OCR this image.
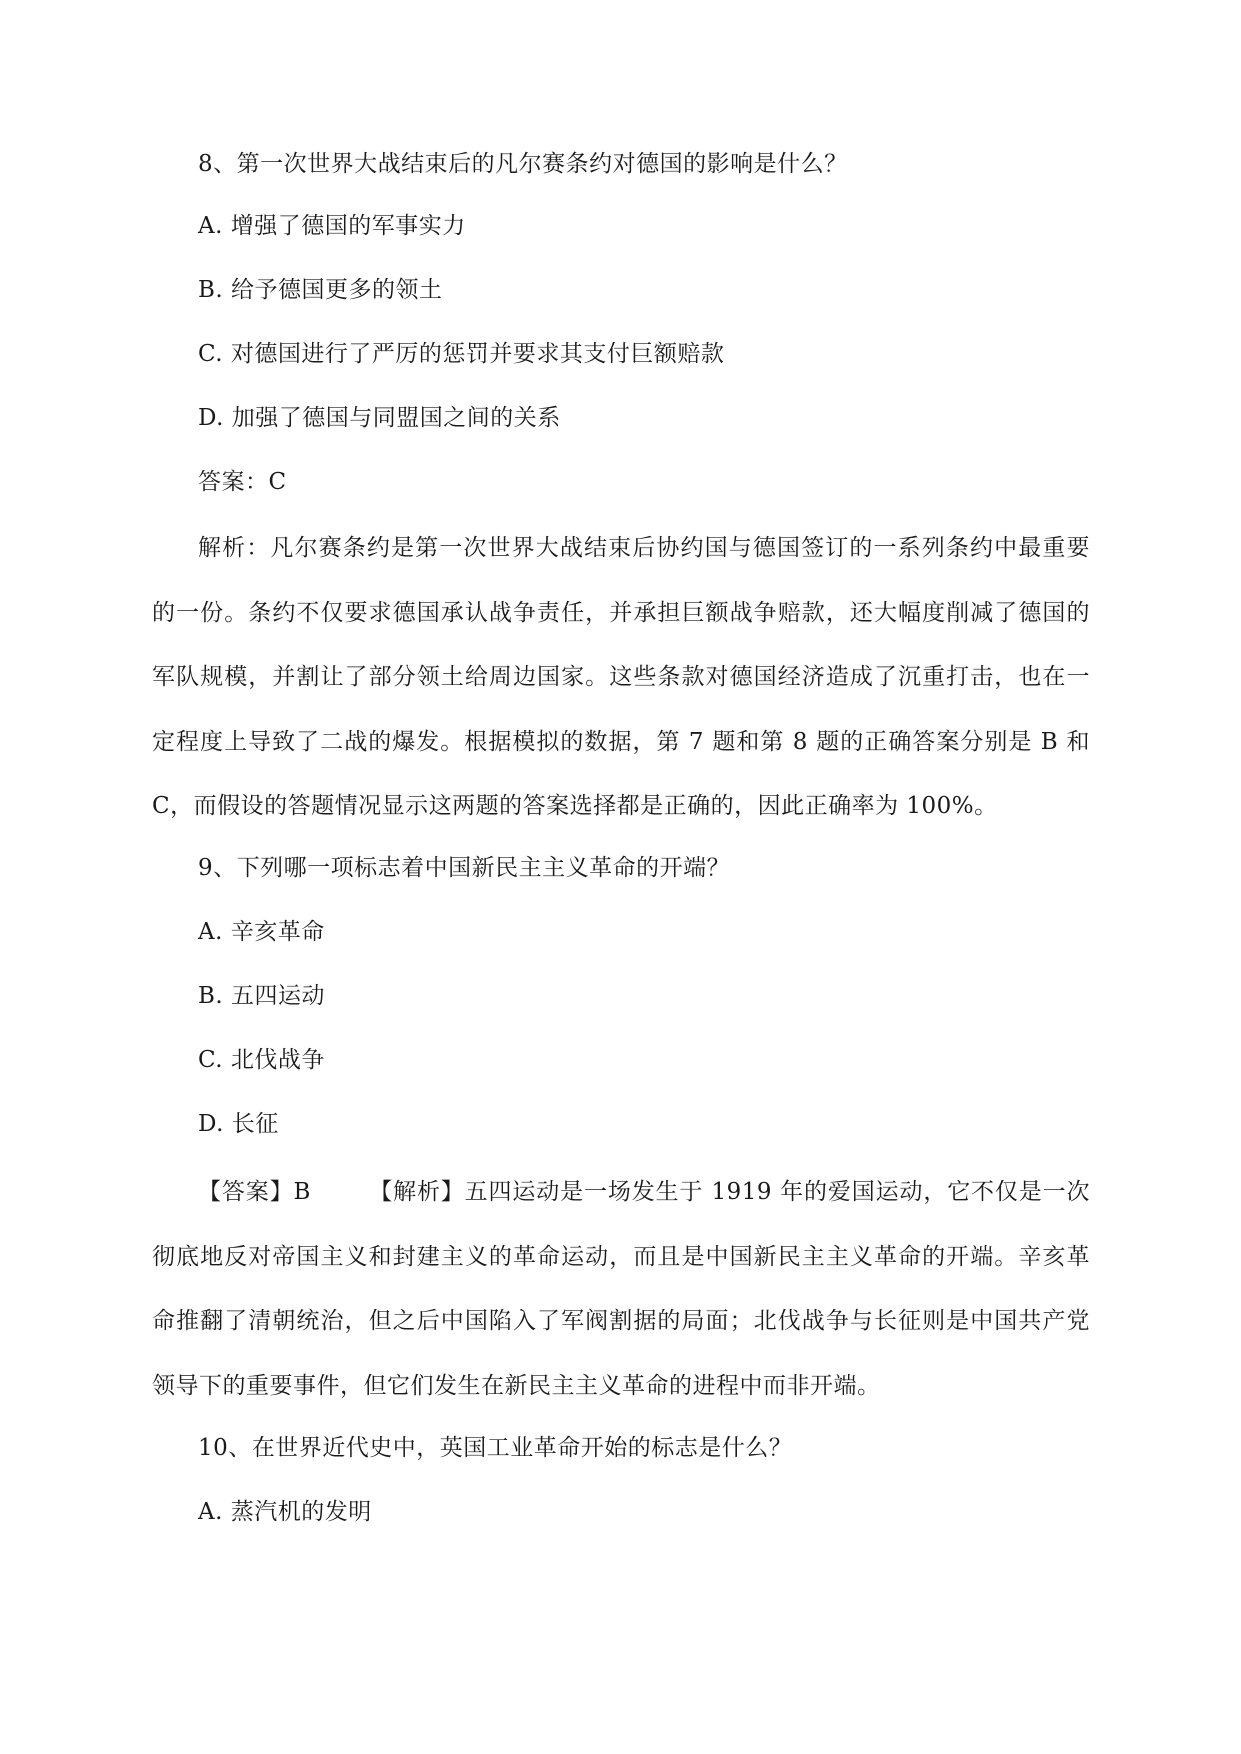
8、第一次世界大战结束后的凡尔赛条约对德国的影响是什么？
A. 增强了德国的军事实力
B. 给予德国更多的领土
C. 对德国进行了严厉的惩罚并要求其支付巨额赔款
D. 加强了德国与同盟国之间的关系
答案：C
解析：凡尔赛条约是第一次世界大战结束后协约国与德国签订的一系列条约中最重要的一份。条约不仅要求德国承认战争责任，并承担巨额战争赔款，还大幅度削减了德国的军队规模，并割让了部分领土给周边国家。这些条款对德国经济造成了沉重打击，也在一定程度上导致了二战的爆发。根据模拟的数据，第 7 题和第 8 题的正确答案分别是 B 和 C，而假设的答题情况显示这两题的答案选择都是正确的，因此正确率为 100%。
9、下列哪一项标志着中国新民主主义革命的开端？
A. 辛亥革命
B. 五四运动
C. 北伐战争
D. 长征
【答案】B	【解析】五四运动是一场发生于 1919 年的爱国运动，它不仅是一次彻底地反对帝国主义和封建主义的革命运动，而且是中国新民主主义革命的开端。辛亥革命推翻了清朝统治，但之后中国陷入了军阀割据的局面；北伐战争与长征则是中国共产党领导下的重要事件，但它们发生在新民主主义革命的进程中而非开端。
10、在世界近代史中，英国工业革命开始的标志是什么？
A. 蒸汽机的发明
